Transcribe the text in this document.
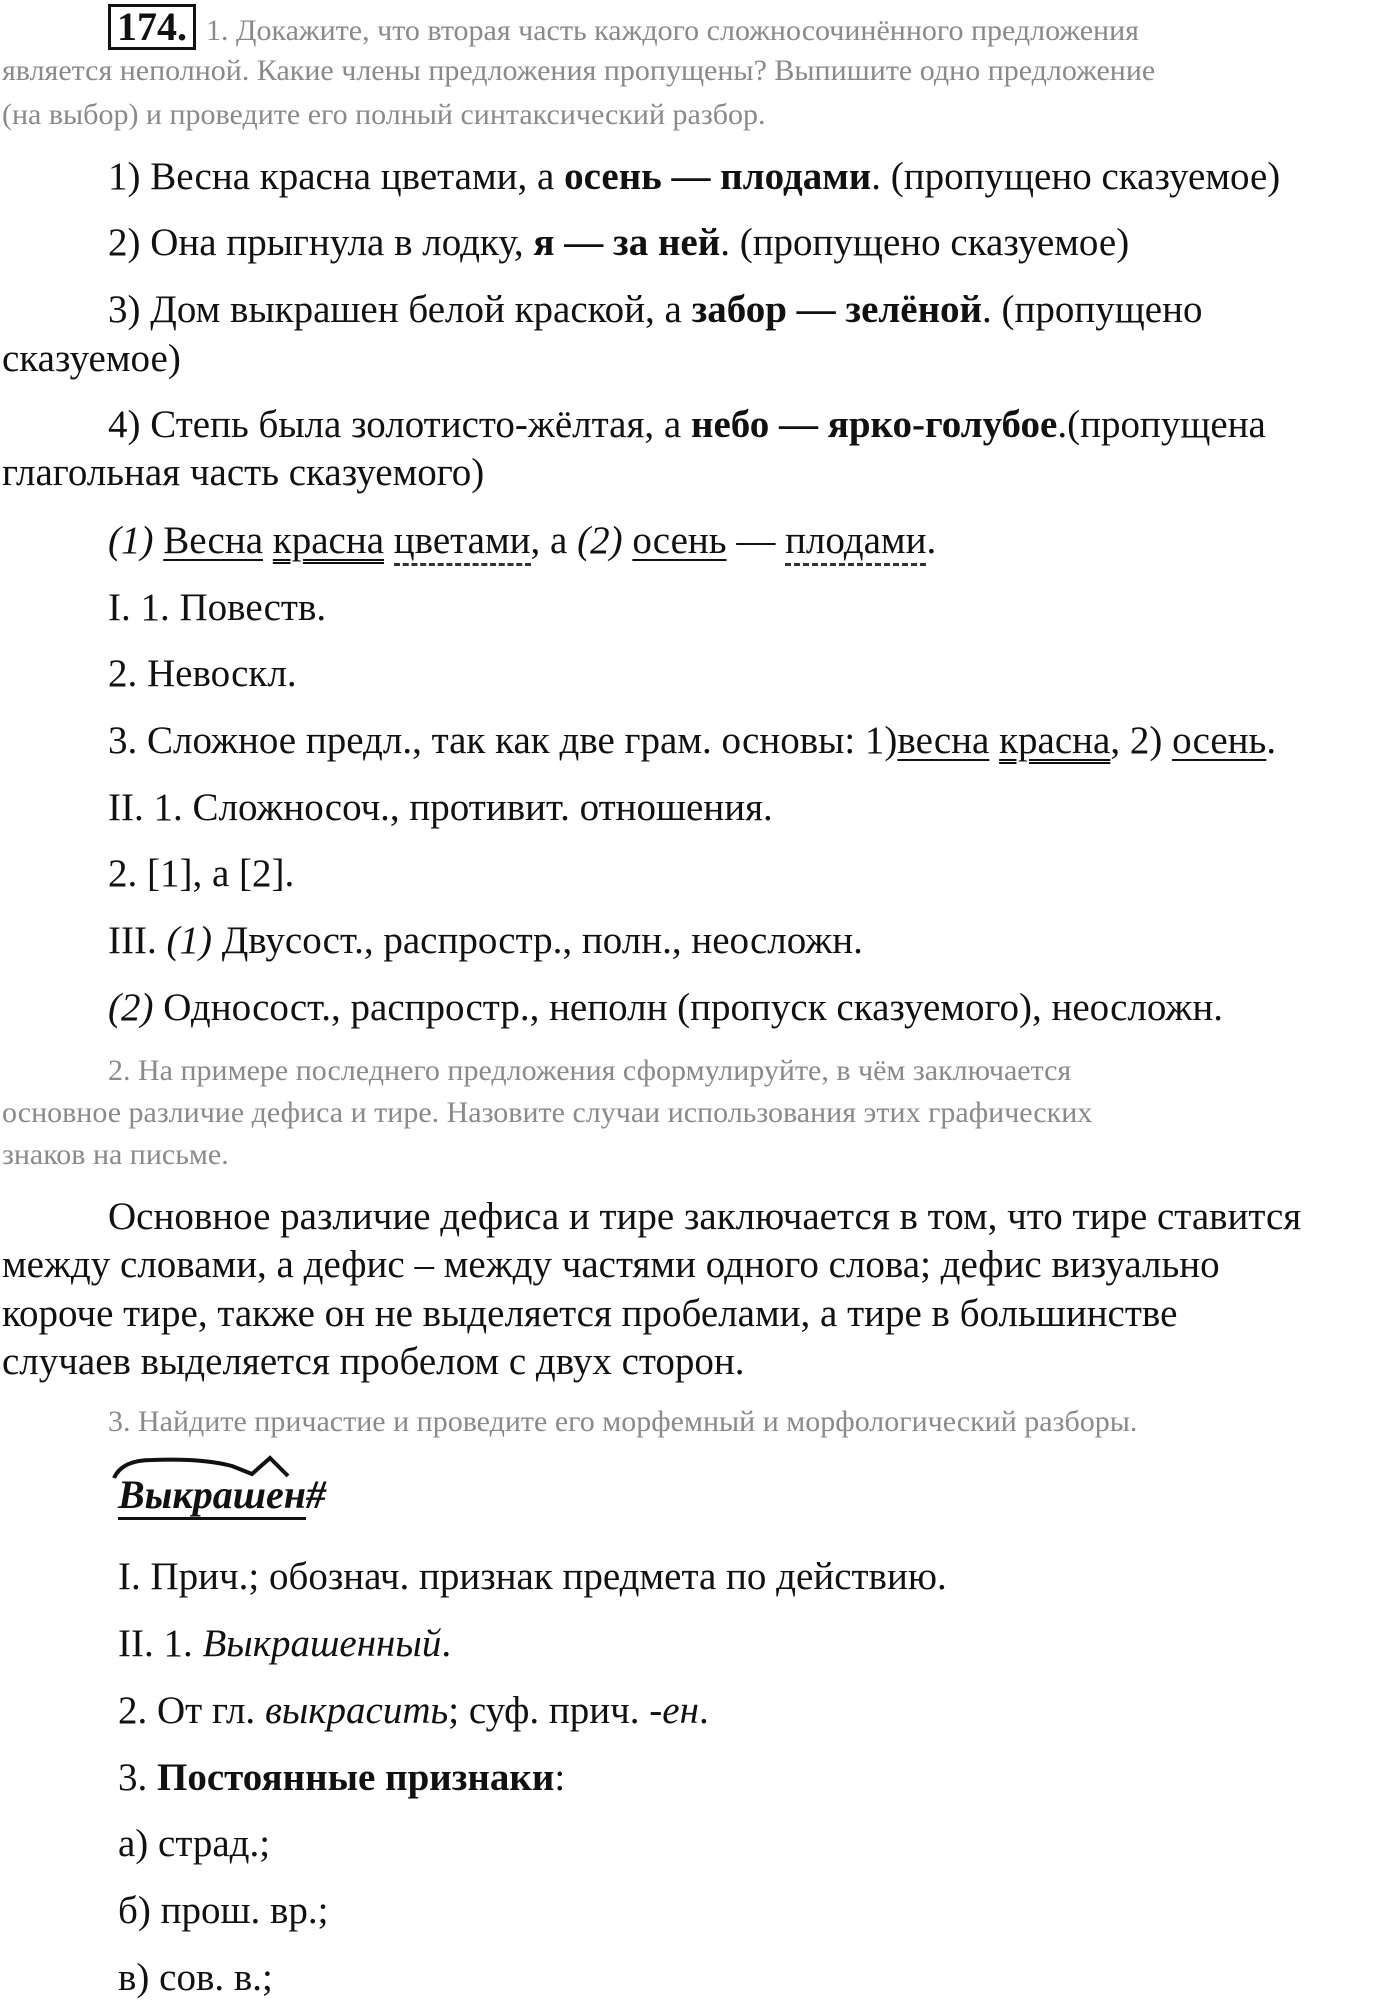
174. 1. Докажите, что вторая часть каждого сложносочинённого предложения
является неполной. Какие члены предложения пропущены? Выпишите одно предложение
(на выбор) и проведите его полный синтаксический разбор.
1) Весна красна цветами, а осень — плодами. (пропущено сказуемое)
2) Она прыгнула в лодку, я — за ней. (пропущено сказуемое)
3) Дом выкрашен белой краской, а забор — зелёной. (пропущено
сказуемое)
4) Степь была золотисто-жёлтая, а небо — ярко-голубое.(пропущена
глагольная часть сказуемого)
(1) Весна красна цветами, а (2) осень — плодами.
I. 1. Повеств.
2. Невоскл.
3. Сложное предл., так как две грам. основы: 1)весна красна, 2) осень.
II. 1. Сложносоч., противит. отношения.
2. [1], а [2].
III. (1) Двусост., распростр., полн., неосложн.
(2) Односост., распростр., неполн (пропуск сказуемого), неосложн.
2. На примере последнего предложения сформулируйте, в чём заключается
основное различие дефиса и тире. Назовите случаи использования этих графических
знаков на письме.
Основное различие дефиса и тире заключается в том, что тире ставится
между словами, а дефис – между частями одного слова; дефис визуально
короче тире, также он не выделяется пробелами, а тире в большинстве
случаев выделяется пробелом с двух сторон.
3. Найдите причастие и проведите его морфемный и морфологический разборы.
Выкрашен#
I. Прич.; обознач. признак предмета по действию.
II. 1. Выкрашенный.
2. От гл. выкрасить; суф. прич. -ен.
3. Постоянные признаки:
а) страд.;
б) прош. вр.;
в) сов. в.;
